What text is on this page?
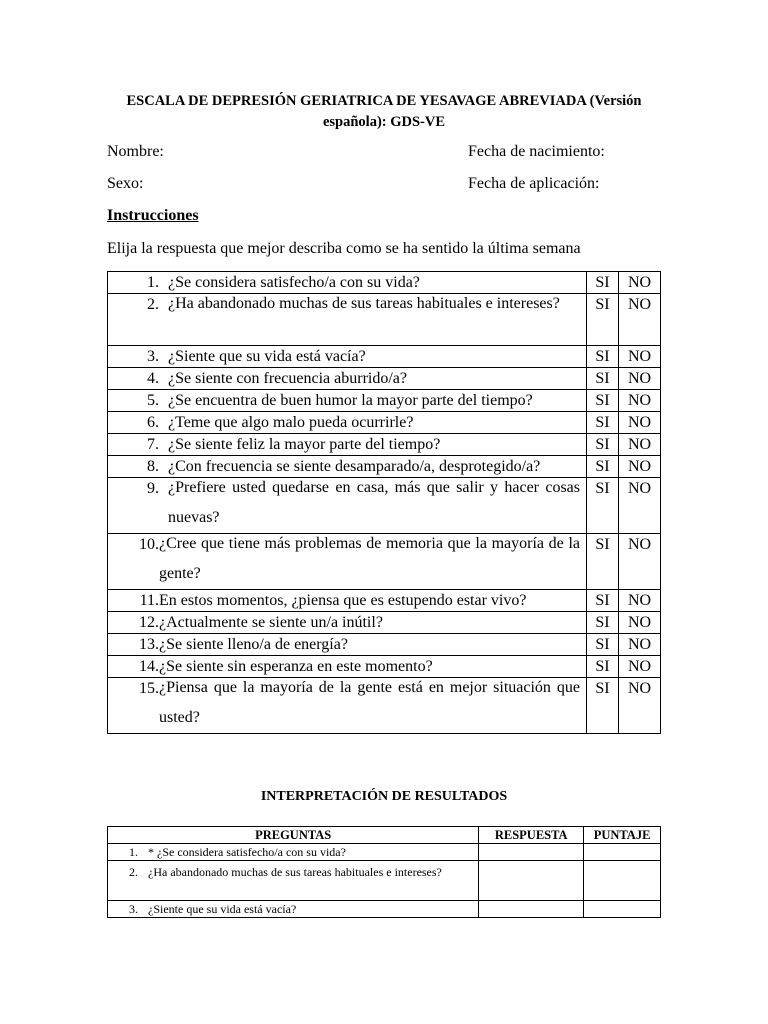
ESCALA DE DEPRESIÓN GERIATRICA DE YESAVAGE ABREVIADA (Versión española): GDS-VE
Nombre:	Fecha de nacimiento:
Sexo:	Fecha de aplicación:
Instrucciones
Elija la respuesta que mejor describa como se ha sentido la última semana
1. ¿Se considera satisfecho/a con su vida?	SI	NO

2. ¿Ha abandonado muchas de sus tareas habituales e intereses?	SI	NO

3. ¿Siente que su vida está vacía?	SI	NO

4. ¿Se siente con frecuencia aburrido/a?	SI	NO

5. ¿Se encuentra de buen humor la mayor parte del tiempo?	SI	NO

6. ¿Teme que algo malo pueda ocurrirle?	SI	NO

7. ¿Se siente feliz la mayor parte del tiempo?	SI	NO

8. ¿Con frecuencia se siente desamparado/a, desprotegido/a?	SI	NO

9. ¿Prefiere usted quedarse en casa, más que salir y hacer cosas nuevas?	SI	NO

10. ¿Cree que tiene más problemas de memoria que la mayoría de la gente?	SI	NO

11. En estos momentos, ¿piensa que es estupendo estar vivo?	SI	NO

12. ¿Actualmente se siente un/a inútil?	SI	NO

13. ¿Se siente lleno/a de energía?	SI	NO

14. ¿Se siente sin esperanza en este momento?	SI	NO

15. ¿Piensa que la mayoría de la gente está en mejor situación que usted?	SI	NO
INTERPRETACIÓN DE RESULTADOS
PREGUNTAS	RESPUESTA	PUNTAJE

1. * ¿Se considera satisfecho/a con su vida?		

2. ¿Ha abandonado muchas de sus tareas habituales e intereses?		

3. ¿Siente que su vida está vacía?		
